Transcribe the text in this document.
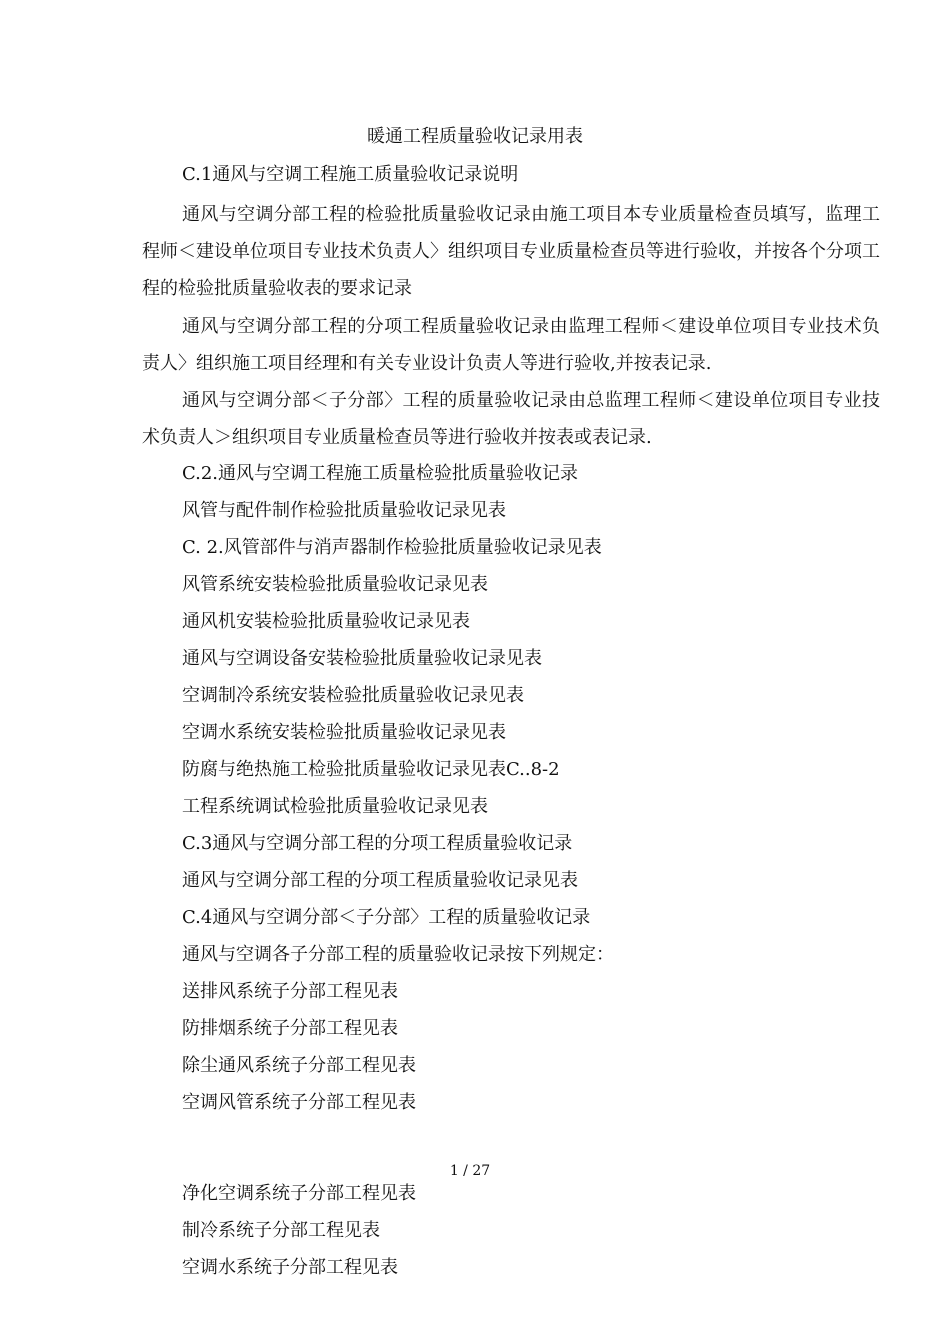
暖通工程质量验收记录用表
C.1通风与空调工程施工质量验收记录说明
通风与空调分部工程的检验批质量验收记录由施工项目本专业质量检查员填写，监理工程师＜建设单位项目专业技术负责人〉组织项目专业质量检查员等进行验收，并按各个分项工程的检验批质量验收表的要求记录
通风与空调分部工程的分项工程质量验收记录由监理工程师＜建设单位项目专业技术负责人〉组织施工项目经理和有关专业设计负责人等进行验收,并按表记录.
通风与空调分部＜子分部〉工程的质量验收记录由总监理工程师＜建设单位项目专业技术负责人＞组织项目专业质量检查员等进行验收并按表或表记录.
C.2.通风与空调工程施工质量检验批质量验收记录
风管与配件制作检验批质量验收记录见表
C. 2.风管部件与消声器制作检验批质量验收记录见表
风管系统安装检验批质量验收记录见表
通风机安装检验批质量验收记录见表
通风与空调设备安装检验批质量验收记录见表
空调制冷系统安装检验批质量验收记录见表
空调水系统安装检验批质量验收记录见表
防腐与绝热施工检验批质量验收记录见表C..8-2
工程系统调试检验批质量验收记录见表
C.3通风与空调分部工程的分项工程质量验收记录
通风与空调分部工程的分项工程质量验收记录见表
C.4通风与空调分部＜子分部〉工程的质量验收记录
通风与空调各子分部工程的质量验收记录按下列规定：
送排风系统子分部工程见表
防排烟系统子分部工程见表
除尘通风系统子分部工程见表
空调风管系统子分部工程见表
1 / 27
净化空调系统子分部工程见表
制冷系统子分部工程见表
空调水系统子分部工程见表
